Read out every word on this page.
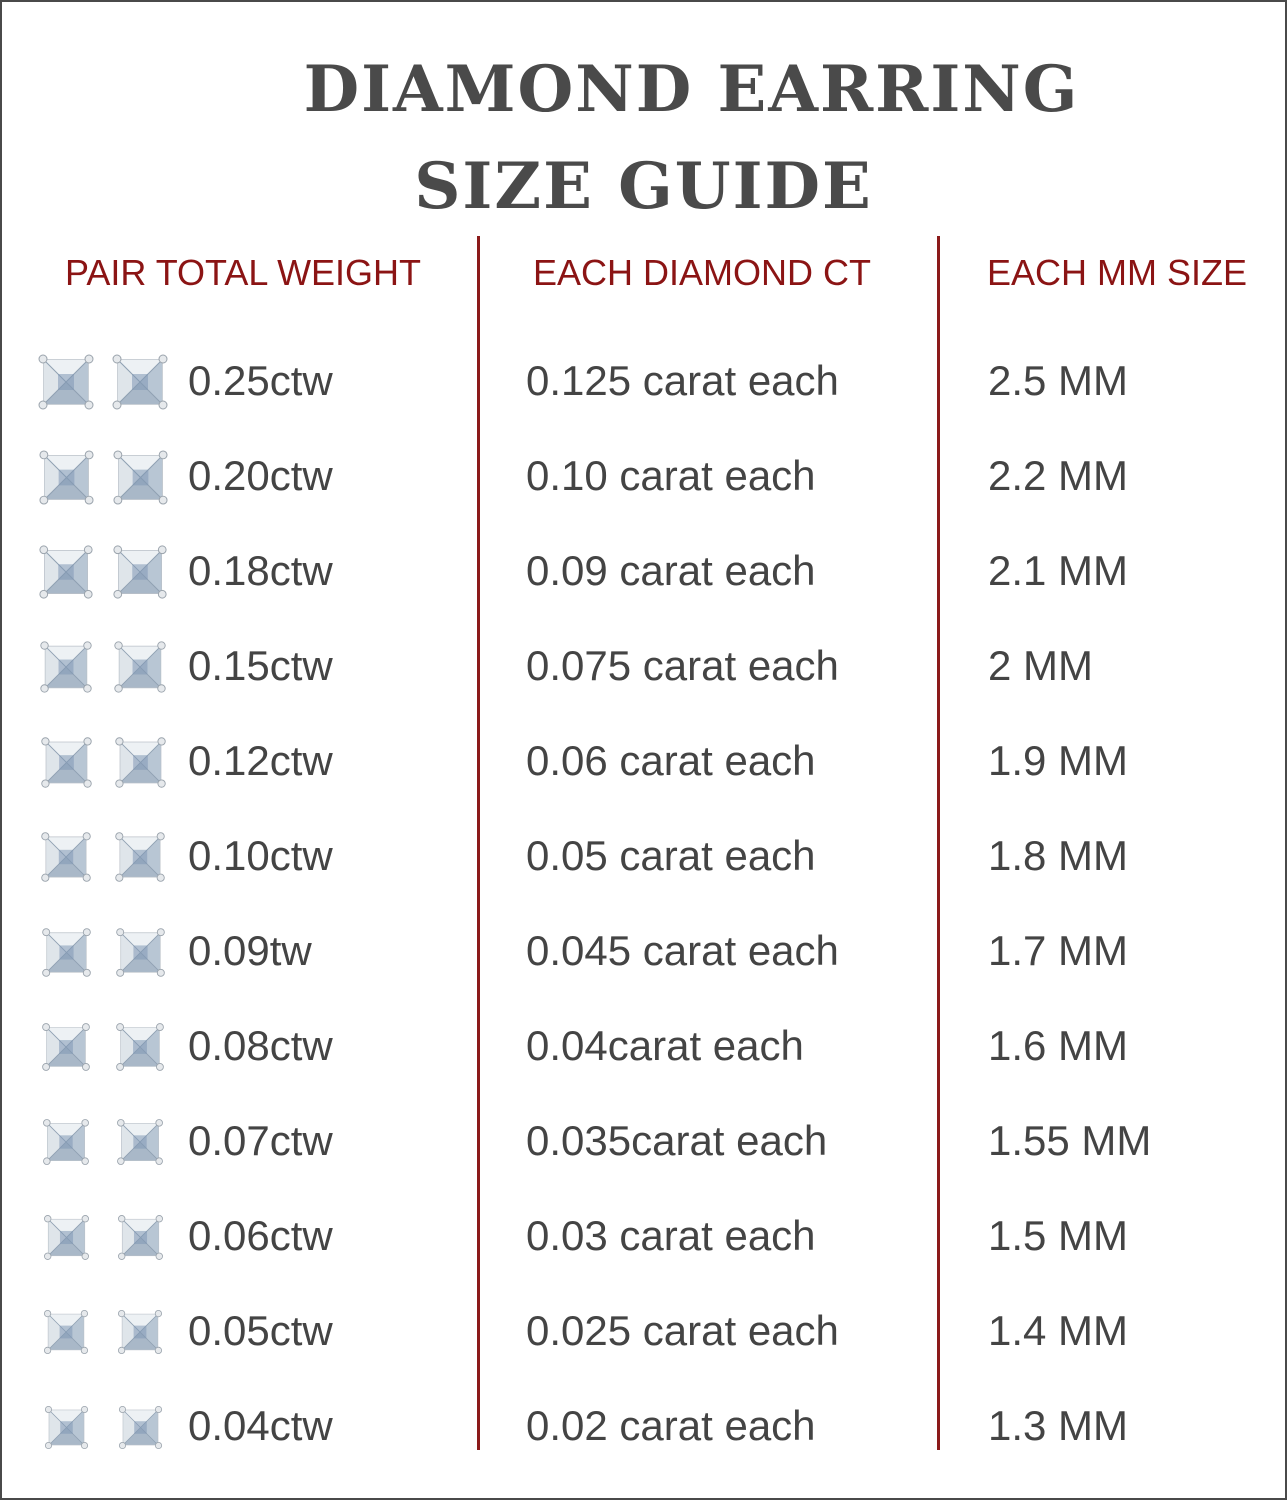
DIAMOND EARRING
SIZE GUIDE
PAIR TOTAL WEIGHT	EACH DIAMOND CT	EACH MM SIZE
0.25ctw	0.125 carat each	2.5 MM
0.20ctw	0.10 carat each	2.2 MM
0.18ctw	0.09 carat each	2.1 MM
0.15ctw	0.075 carat each	2 MM
0.12ctw	0.06 carat each	1.9 MM
0.10ctw	0.05 carat each	1.8 MM
0.09tw	0.045 carat each	1.7 MM
0.08ctw	0.04carat each	1.6 MM
0.07ctw	0.035carat each	1.55 MM
0.06ctw	0.03 carat each	1.5 MM
0.05ctw	0.025 carat each	1.4 MM
0.04ctw	0.02 carat each	1.3 MM
